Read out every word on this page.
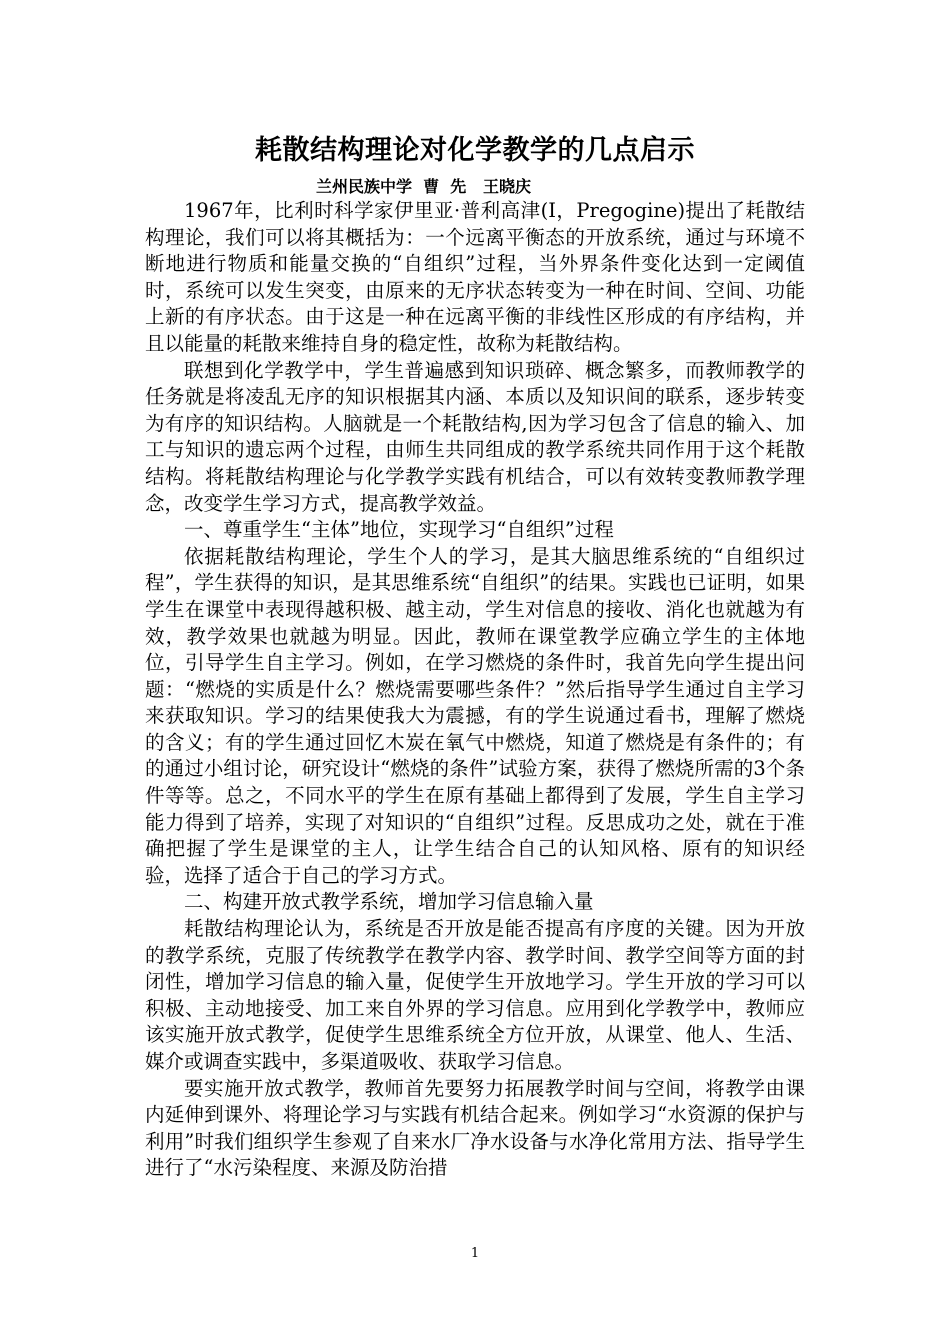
耗散结构理论对化学教学的几点启示
兰州民族中学  曹  先   王晓庆

1967年，比利时科学家伊里亚·普利高津(I，Pregogine)提出了耗散结构理论，我们可以将其概括为：一个远离平衡态的开放系统，通过与环境不断地进行物质和能量交换的“自组织”过程，当外界条件变化达到一定阈值时，系统可以发生突变，由原来的无序状态转变为一种在时间、空间、功能上新的有序状态。由于这是一种在远离平衡的非线性区形成的有序结构，并且以能量的耗散来维持自身的稳定性，故称为耗散结构。

联想到化学教学中，学生普遍感到知识琐碎、概念繁多，而教师教学的任务就是将凌乱无序的知识根据其内涵、本质以及知识间的联系，逐步转变为有序的知识结构。人脑就是一个耗散结构,因为学习包含了信息的输入、加工与知识的遗忘两个过程，由师生共同组成的教学系统共同作用于这个耗散结构。将耗散结构理论与化学教学实践有机结合，可以有效转变教师教学理念，改变学生学习方式，提高教学效益。

一、尊重学生“主体”地位，实现学习“自组织”过程

依据耗散结构理论，学生个人的学习，是其大脑思维系统的“自组织过程”，学生获得的知识，是其思维系统“自组织”的结果。实践也已证明，如果学生在课堂中表现得越积极、越主动，学生对信息的接收、消化也就越为有效，教学效果也就越为明显。因此，教师在课堂教学应确立学生的主体地位，引导学生自主学习。例如，在学习燃烧的条件时，我首先向学生提出问题：“燃烧的实质是什么？燃烧需要哪些条件？”然后指导学生通过自主学习来获取知识。学习的结果使我大为震撼，有的学生说通过看书，理解了燃烧的含义；有的学生通过回忆木炭在氧气中燃烧，知道了燃烧是有条件的；有的通过小组讨论，研究设计“燃烧的条件”试验方案，获得了燃烧所需的3个条件等等。总之，不同水平的学生在原有基础上都得到了发展，学生自主学习能力得到了培养，实现了对知识的“自组织”过程。反思成功之处，就在于准确把握了学生是课堂的主人，让学生结合自己的认知风格、原有的知识经验，选择了适合于自己的学习方式。

二、构建开放式教学系统，增加学习信息输入量

耗散结构理论认为，系统是否开放是能否提高有序度的关键。因为开放的教学系统，克服了传统教学在教学内容、教学时间、教学空间等方面的封闭性，增加学习信息的输入量，促使学生开放地学习。学生开放的学习可以积极、主动地接受、加工来自外界的学习信息。应用到化学教学中，教师应该实施开放式教学，促使学生思维系统全方位开放，从课堂、他人、生活、媒介或调查实践中，多渠道吸收、获取学习信息。

要实施开放式教学，教师首先要努力拓展教学时间与空间，将教学由课内延伸到课外、将理论学习与实践有机结合起来。例如学习“水资源的保护与利用”时我们组织学生参观了自来水厂净水设备与水净化常用方法、指导学生进行了“水污染程度、来源及防治措

1
